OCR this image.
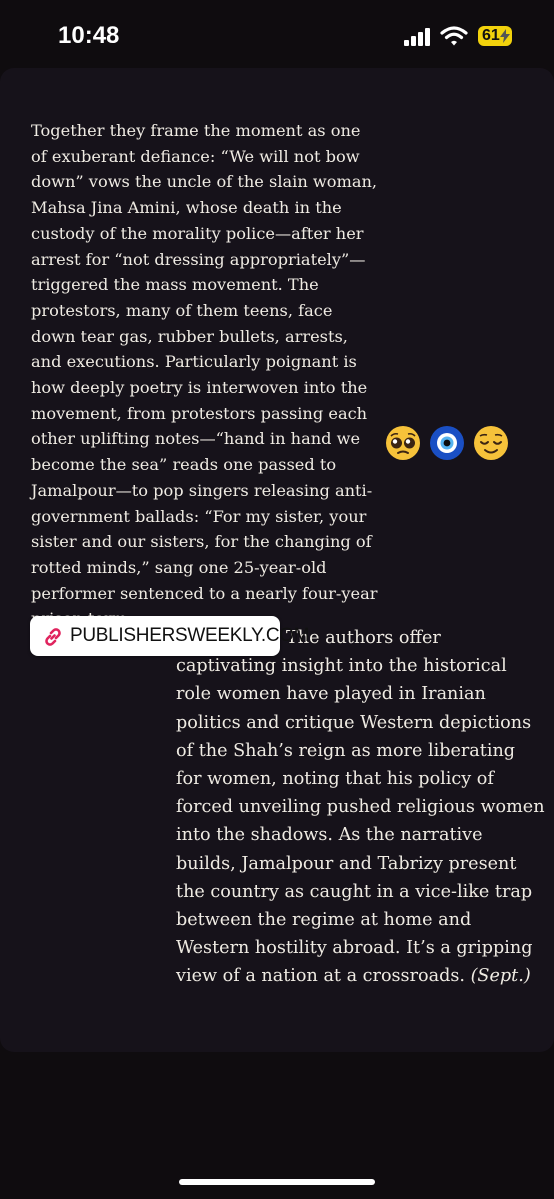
10:48	61

Together they frame the moment as one of exuberant defiance: “We will not bow down” vows the uncle of the slain woman, Mahsa Jina Amini, whose death in the custody of the morality police—after her arrest for “not dressing appropriately”—triggered the mass movement. The protestors, many of them teens, face down tear gas, rubber bullets, arrests, and executions. Particularly poignant is how deeply poetry is interwoven into the movement, from protestors passing each other uplifting notes—“hand in hand we become the sea” reads one passed to Jamalpour—to pop singers releasing anti-government ballads: “For my sister, your sister and our sisters, for the changing of rotted minds,” sang one 25-year-old performer sentenced to a nearly four-year

The authors offer captivating insight into the historical role women have played in Iranian politics and critique Western depictions of the Shah’s reign as more liberating for women, noting that his policy of forced unveiling pushed religious women into the shadows. As the narrative builds, Jamalpour and Tabrizy present the country as caught in a vice-like trap between the regime at home and Western hostility abroad. It’s a gripping view of a nation at a crossroads. (Sept.)

PUBLISHERSWEEKLY.COM
